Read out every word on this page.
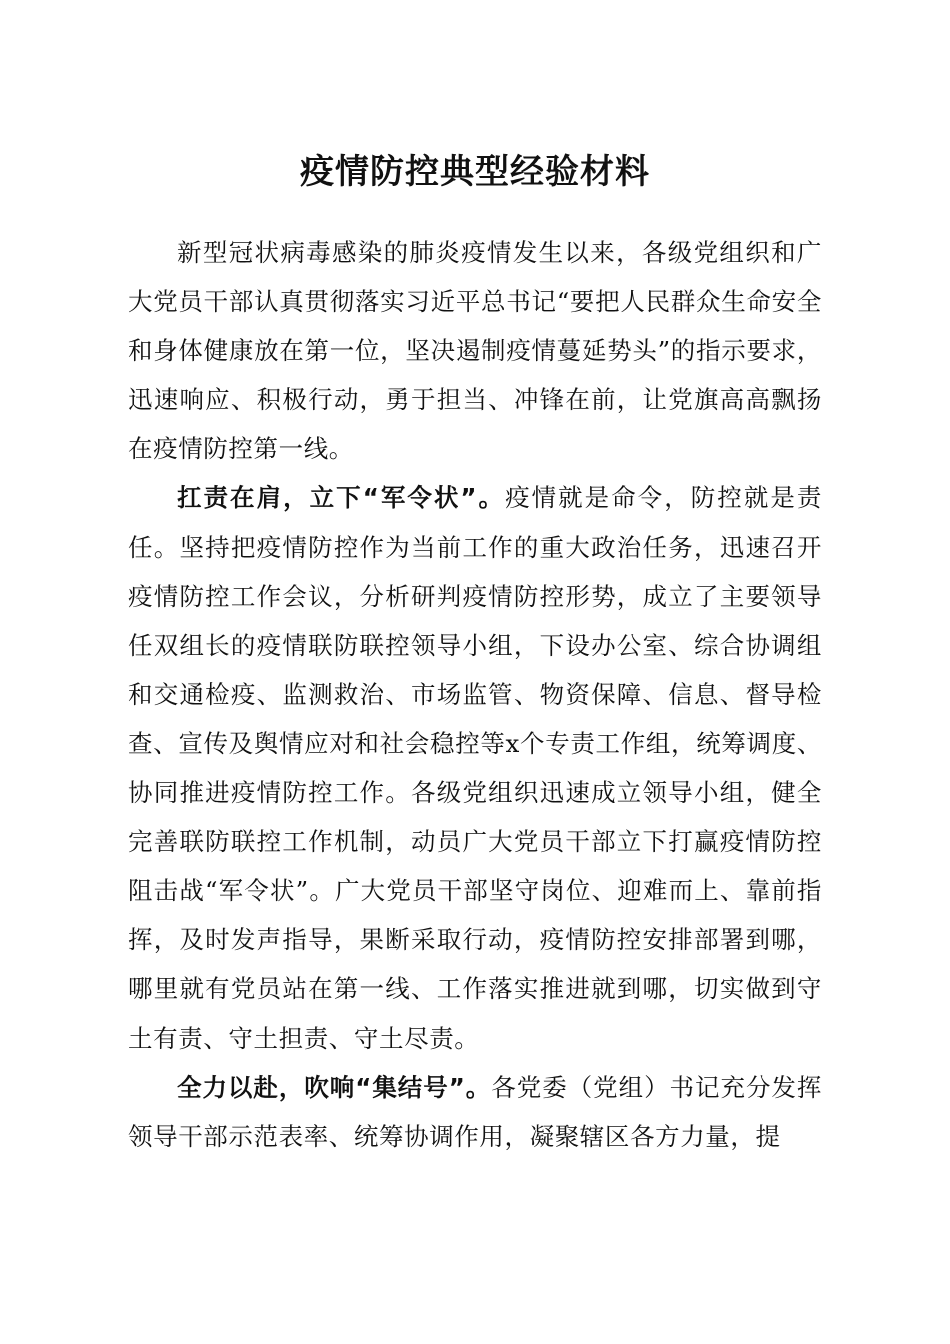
疫情防控典型经验材料

新型冠状病毒感染的肺炎疫情发生以来，各级党组织和广大党员干部认真贯彻落实习近平总书记“要把人民群众生命安全和身体健康放在第一位，坚决遏制疫情蔓延势头”的指示要求，迅速响应、积极行动，勇于担当、冲锋在前，让党旗高高飘扬在疫情防控第一线。

扛责在肩，立下“军令状”。疫情就是命令，防控就是责任。坚持把疫情防控作为当前工作的重大政治任务，迅速召开疫情防控工作会议，分析研判疫情防控形势，成立了主要领导任双组长的疫情联防联控领导小组，下设办公室、综合协调组和交通检疫、监测救治、市场监管、物资保障、信息、督导检查、宣传及舆情应对和社会稳控等x个专责工作组，统筹调度、协同推进疫情防控工作。各级党组织迅速成立领导小组，健全完善联防联控工作机制，动员广大党员干部立下打赢疫情防控阻击战“军令状”。广大党员干部坚守岗位、迎难而上、靠前指挥，及时发声指导，果断采取行动，疫情防控安排部署到哪，哪里就有党员站在第一线、工作落实推进就到哪，切实做到守土有责、守土担责、守土尽责。

全力以赴，吹响“集结号”。各党委（党组）书记充分发挥领导干部示范表率、统筹协调作用，凝聚辖区各方力量，提
